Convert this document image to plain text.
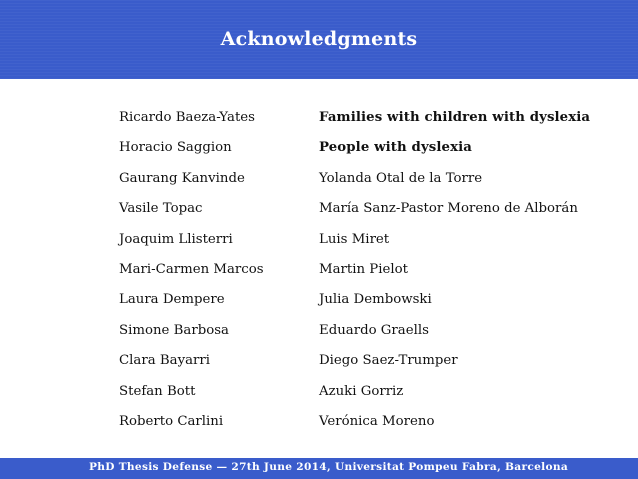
Acknowledgments
Ricardo Baeza-Yates
Horacio Saggion
Gaurang Kanvinde
Vasile Topac
Joaquim Llisterri
Mari-Carmen Marcos
Laura Dempere
Simone Barbosa
Clara Bayarri
Stefan Bott
Roberto Carlini
Families with children with dyslexia
People with dyslexia
Yolanda Otal de la Torre
María Sanz-Pastor Moreno de Alborán
Luis Miret
Martin Pielot
Julia Dembowski
Eduardo Graells
Diego Saez-Trumper
Azuki Gorriz
Verónica Moreno
PhD Thesis Defense — 27th June 2014, Universitat Pompeu Fabra, Barcelona
